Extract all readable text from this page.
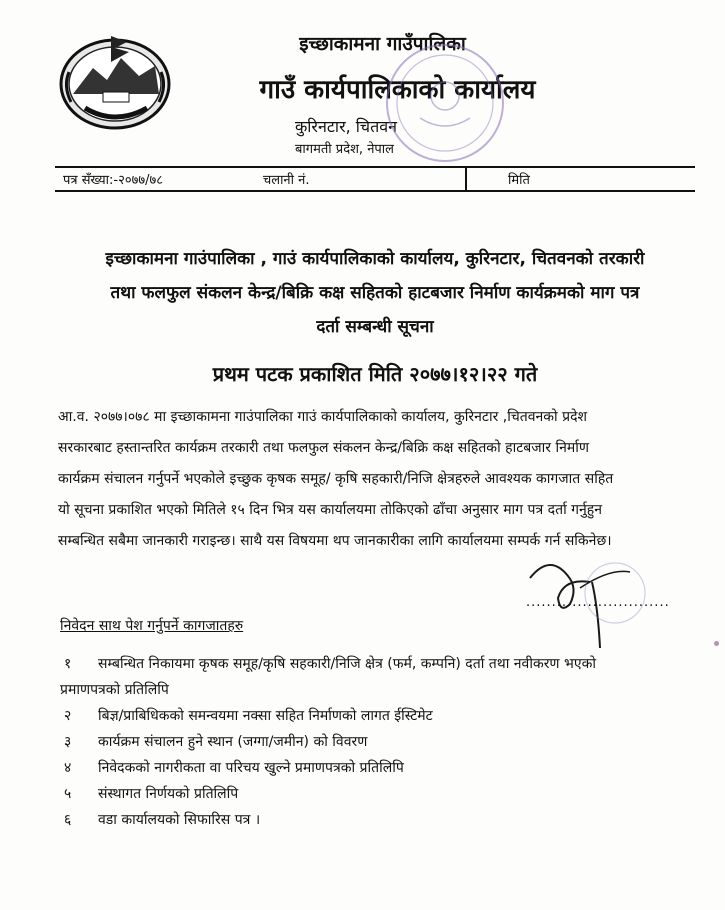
इच्छाकामना गाउँपालिका
गाउँ कार्यपालिकाको कार्यालय
कुरिनटार, चितवन
बागमती प्रदेश, नेपाल
पत्र सँख्या:-२०७७/७८	चलानी नं.	मिति
इच्छाकामना गाउंपालिका , गाउं कार्यपालिकाको कार्यालय, कुरिनटार, चितवनको तरकारी
तथा फलफुल संकलन केन्द्र/बिक्रि कक्ष सहितको हाटबजार निर्माण कार्यक्रमको माग पत्र
दर्ता सम्बन्धी सूचना
प्रथम पटक प्रकाशित मिति २०७७।१२।२२ गते

आ.व. २०७७।०७८ मा इच्छाकामना गाउंपालिका गाउं कार्यपालिकाको कार्यालय, कुरिनटार ,चितवनको प्रदेश

सरकारबाट हस्तान्तरित कार्यक्रम तरकारी तथा फलफुल संकलन केन्द्र/बिक्रि कक्ष सहितको हाटबजार निर्माण

कार्यक्रम संचालन गर्नुपर्ने भएकोले इच्छुक कृषक समूह/ कृषि सहकारी/निजि क्षेत्रहरुले आवश्यक कागजात सहित

यो सूचना प्रकाशित भएको मितिले १५ दिन भित्र यस कार्यालयमा तोकिएको ढाँचा अनुसार माग पत्र दर्ता गर्नुहुन

सम्बन्धित सबैमा जानकारी गराइन्छ। साथै यस विषयमा थप जानकारीका लागि कार्यालयमा सम्पर्क गर्न सकिनेछ।

............................
निवेदन साथ पेश गर्नुपर्ने कागजातहरु
१ सम्बन्धित निकायमा कृषक समूह/कृषि सहकारी/निजि क्षेत्र (फर्म, कम्पनि) दर्ता तथा नवीकरण भएको
प्रमाणपत्रको प्रतिलिपि
२ बिज्ञ/प्राबिधिकको समन्वयमा नक्सा सहित निर्माणको लागत ईस्टिमेट
३ कार्यक्रम संचालन हुने स्थान (जग्गा/जमीन) को विवरण
४ निवेदकको नागरीकता वा परिचय खुल्ने प्रमाणपत्रको प्रतिलिपि
५ संस्थागत निर्णयको प्रतिलिपि
६ वडा कार्यालयको सिफारिस पत्र ।
